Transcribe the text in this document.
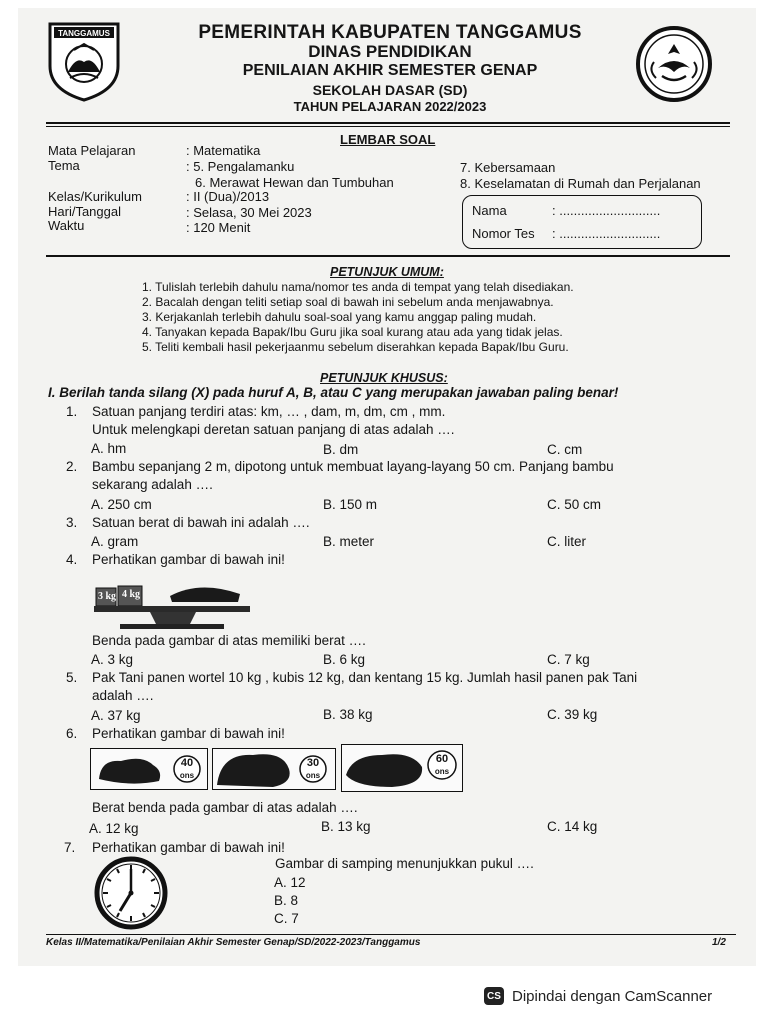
TANGGAMUS	PEMERINTAH KABUPATEN TANGGAMUS
DINAS PENDIDIKAN
PENILAIAN AKHIR SEMESTER GENAP
SEKOLAH DASAR (SD)
TAHUN PELAJARAN 2022/2023
LEMBAR SOAL
Mata Pelajaran	: Matematika
Tema	: 5. Pengalamanku
6. Merawat Hewan dan Tumbuhan
7. Kebersamaan
8. Keselamatan di Rumah dan Perjalanan
Kelas/Kurikulum	: II (Dua)/2013
Hari/Tanggal	: Selasa, 30 Mei 2023
Waktu	: 120 Menit
Nama	: ............................
Nomor Tes : ............................
PETUNJUK UMUM:
1. Tulislah terlebih dahulu nama/nomor tes anda di tempat yang telah disediakan.
2. Bacalah dengan teliti setiap soal di bawah ini sebelum anda menjawabnya.
3. Kerjakanlah terlebih dahulu soal-soal yang kamu anggap paling mudah.
4. Tanyakan kepada Bapak/Ibu Guru jika soal kurang atau ada yang tidak jelas.
5. Teliti kembali hasil pekerjaanmu sebelum diserahkan kepada Bapak/Ibu Guru.
PETUNJUK KHUSUS:
I. Berilah tanda silang (X) pada huruf A, B, atau C yang merupakan jawaban paling benar!
1. Satuan panjang terdiri atas: km, … , dam, m, dm, cm , mm.
Untuk melengkapi deretan satuan panjang di atas adalah ….
A. hm	B. dm	C. cm
2. Bambu sepanjang 2 m, dipotong untuk membuat layang-layang 50 cm. Panjang bambu
sekarang adalah ….
A. 250 cm	B. 150 m	C. 50 cm
3. Satuan berat di bawah ini adalah ….
A. gram	B. meter	C. liter
4. Perhatikan gambar di bawah ini!
3 kg 4 kg
Benda pada gambar di atas memiliki berat ….
A. 3 kg	B. 6 kg	C. 7 kg
5. Pak Tani panen wortel 10 kg , kubis 12 kg, dan kentang 15 kg. Jumlah hasil panen pak Tani
adalah ….
A. 37 kg	B. 38 kg	C. 39 kg
6. Perhatikan gambar di bawah ini!
40
ons
30
ons
60
ons
Berat benda pada gambar di atas adalah ….
A. 12 kg	B. 13 kg	C. 14 kg
7. Perhatikan gambar di bawah ini!
Gambar di samping menunjukkan pukul ….
A. 12
B. 8
C. 7
Kelas II/Matematika/Penilaian Akhir Semester Genap/SD/2022-2023/Tanggamus	1/2
CS Dipindai dengan CamScanner
